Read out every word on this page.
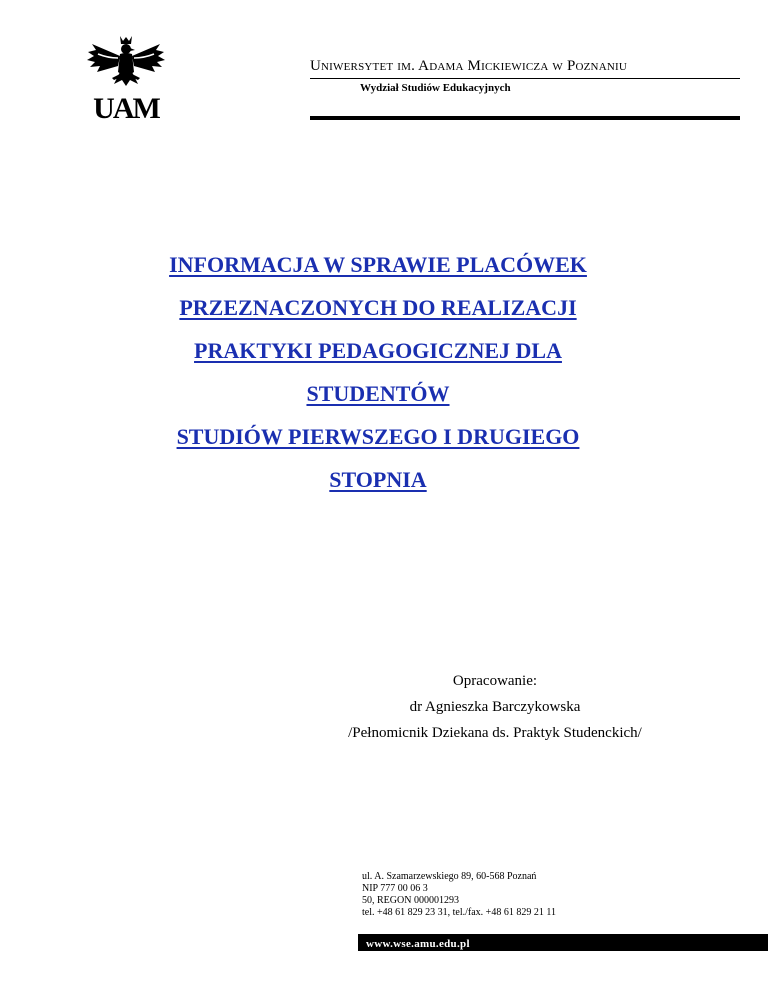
UAM
Uniwersytet im. Adama Mickiewicza w Poznaniu
Wydział Studiów Edukacyjnych
INFORMACJA W SPRAWIE PLACÓWEK
PRZEZNACZONYCH DO REALIZACJI
PRAKTYKI PEDAGOGICZNEJ DLA
STUDENTÓW
STUDIÓW PIERWSZEGO I DRUGIEGO
STOPNIA
Opracowanie:
dr Agnieszka Barczykowska
/Pełnomicnik Dziekana ds. Praktyk Studenckich/
ul. A. Szamarzewskiego 89, 60-568 Poznań
NIP 777 00 06 3
50, REGON 000001293
tel. +48 61 829 23 31, tel./fax. +48 61 829 21 11
www.wse.amu.edu.pl
